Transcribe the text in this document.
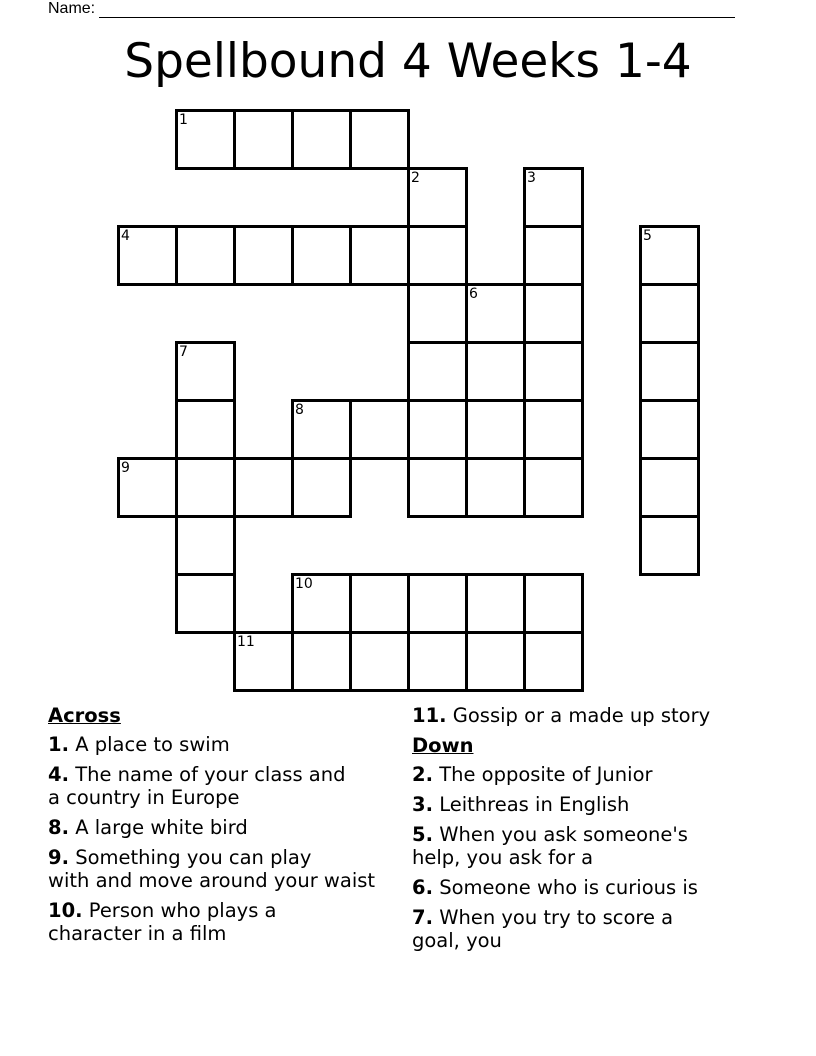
Name:
Spellbound 4 Weeks 1-4
1
2	3
4	5
6
7
8
9
10
11
Across
1. A place to swim
4. The name of your class and
a country in Europe
8. A large white bird
9. Something you can play
with and move around your waist
10. Person who plays a
character in a film
11. Gossip or a made up story
Down
2. The opposite of Junior
3. Leithreas in English
5. When you ask someone's
help, you ask for a
6. Someone who is curious is
7. When you try to score a
goal, you
